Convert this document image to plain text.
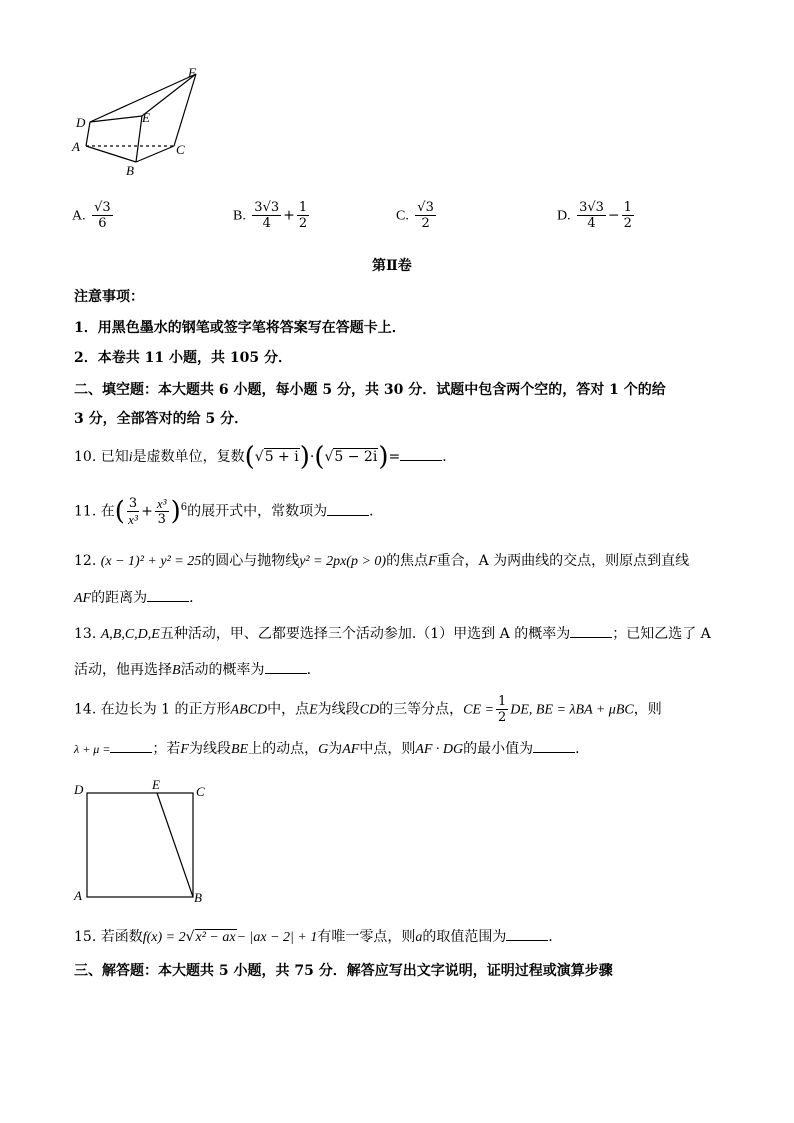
F
D	E
A	C
B
A. $\frac{√3}{6}$	B. $\frac{3√3}{4} + \frac{1}{2}$	C. $\frac{√3}{2}$	D. $\frac{3√3}{4} - \frac{1}{2}$
第Ⅱ卷
注意事项：
1．用黑色墨水的钢笔或签字笔将答案写在答题卡上．
2．本卷共 11 小题，共 105 分．
二、填空题：本大题共 6 小题，每小题 5 分，共 30 分．试题中包含两个空的，答对 1 个的给
3 分，全部答对的给 5 分．
10. 已知i是虚数单位，复数(√5 + i)·(√5 − 2i)=	．
11. 在( $\frac{3}{\text{x³}} + \frac{\text{x³}}{3} )^6$的展开式中，常数项为	．
12. (x − 1)² + y² = 25的圆心与抛物线y² = 2px(p > 0)的焦点F重合，A 为两曲线的交点，则原点到直线
AF的距离为	．
13. A,B,C,D,E五种活动，甲、乙都要选择三个活动参加.（1）甲选到 A 的概率为	；已知乙选了 A
活动，他再选择B活动的概率为	．
14. 在边长为 1 的正方形ABCD中，点E为线段CD的三等分点，CE = $\frac{1}{2}$ DE, BE = λBA + μBC，则
λ + μ =	；若F为线段BE上的动点，G为AF中点，则AF · DG的最小值为	．
D	E	C
A	B
15. 若函数f(x) = 2√x² − ax− |ax − 2| + 1有唯一零点，则a的取值范围为	．
三、解答题：本大题共 5 小题，共 75 分．解答应写出文字说明，证明过程或演算步骤
